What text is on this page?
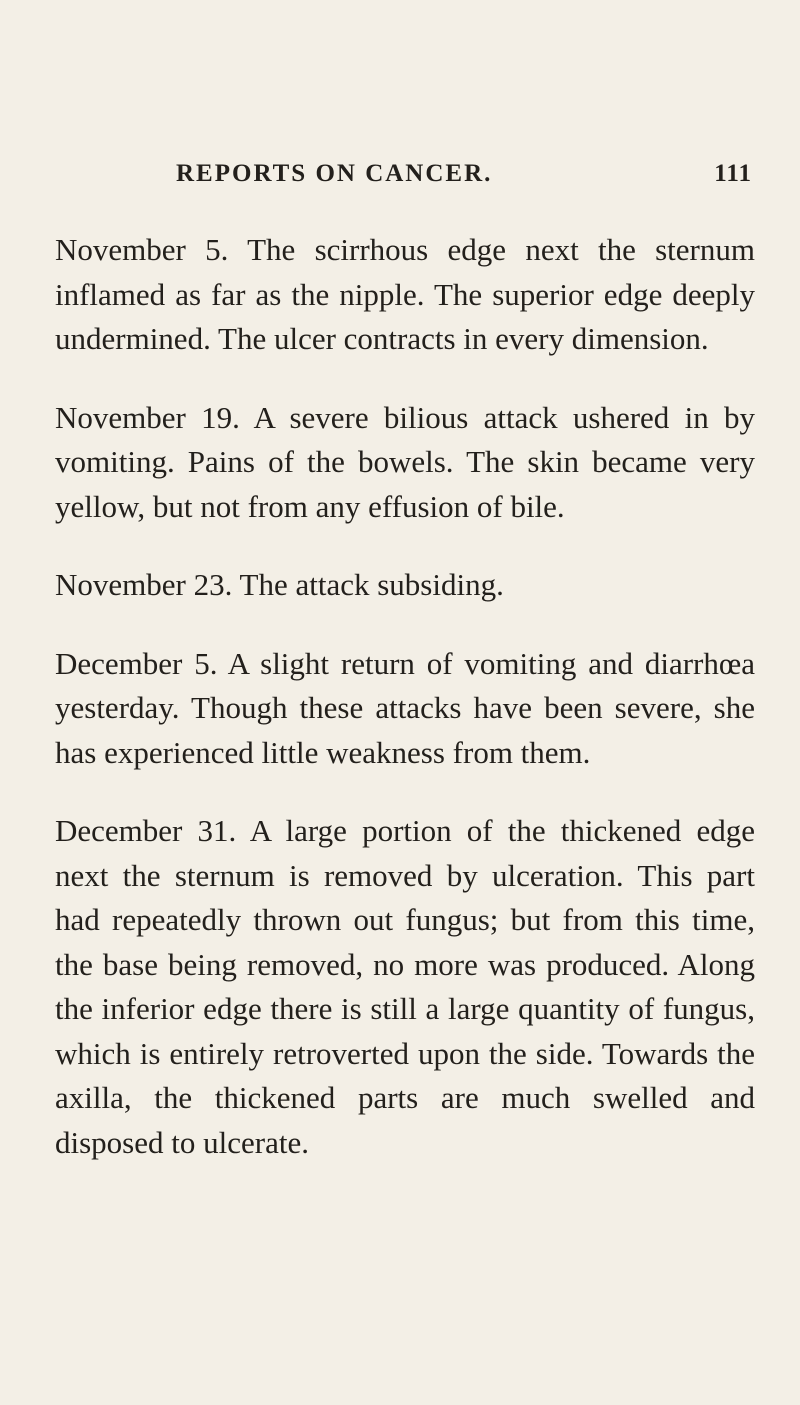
REPORTS ON CANCER.	111

November 5. The scirrhous edge next the sternum inflamed as far as the nipple. The superior edge deeply undermined. The ulcer contracts in every dimension.

November 19. A severe bilious attack ushered in by vomiting. Pains of the bowels. The skin became very yellow, but not from any effusion of bile.

November 23. The attack subsiding.

December 5. A slight return of vomiting and diarrhœa yesterday. Though these attacks have been severe, she has experienced little weakness from them.

December 31. A large portion of the thickened edge next the sternum is removed by ulceration. This part had repeatedly thrown out fungus; but from this time, the base being removed, no more was produced. Along the inferior edge there is still a large quantity of fungus, which is entirely retroverted upon the side. Towards the axilla, the thickened parts are much swelled and disposed to ulcerate.
